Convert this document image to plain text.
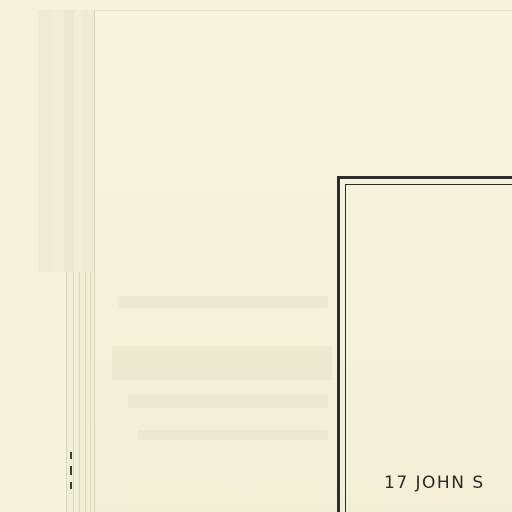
17 JOHN S
